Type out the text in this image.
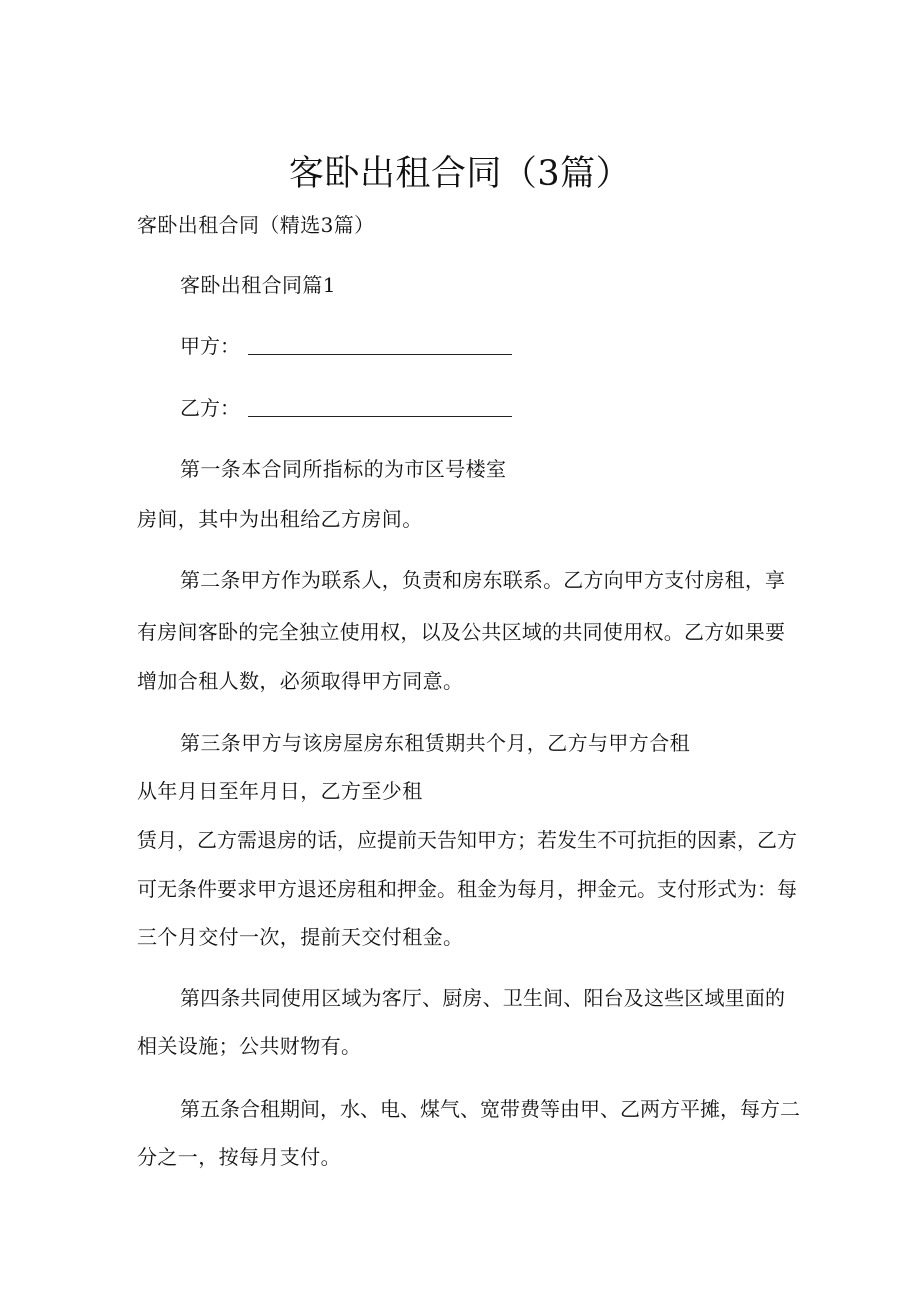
客卧出租合同（3篇）
客卧出租合同（精选3篇）
客卧出租合同篇1
甲方：
乙方：
第一条本合同所指标的为市区号楼室
房间，其中为出租给乙方房间。
第二条甲方作为联系人，负责和房东联系。乙方向甲方支付房租，享
有房间客卧的完全独立使用权，以及公共区域的共同使用权。乙方如果要
增加合租人数，必须取得甲方同意。
第三条甲方与该房屋房东租赁期共个月，乙方与甲方合租
从年月日至年月日，乙方至少租
赁月，乙方需退房的话，应提前天告知甲方；若发生不可抗拒的因素，乙方
可无条件要求甲方退还房租和押金。租金为每月，押金元。支付形式为：每
三个月交付一次，提前天交付租金。
第四条共同使用区域为客厅、厨房、卫生间、阳台及这些区域里面的
相关设施；公共财物有。
第五条合租期间，水、电、煤气、宽带费等由甲、乙两方平摊，每方二
分之一，按每月支付。
